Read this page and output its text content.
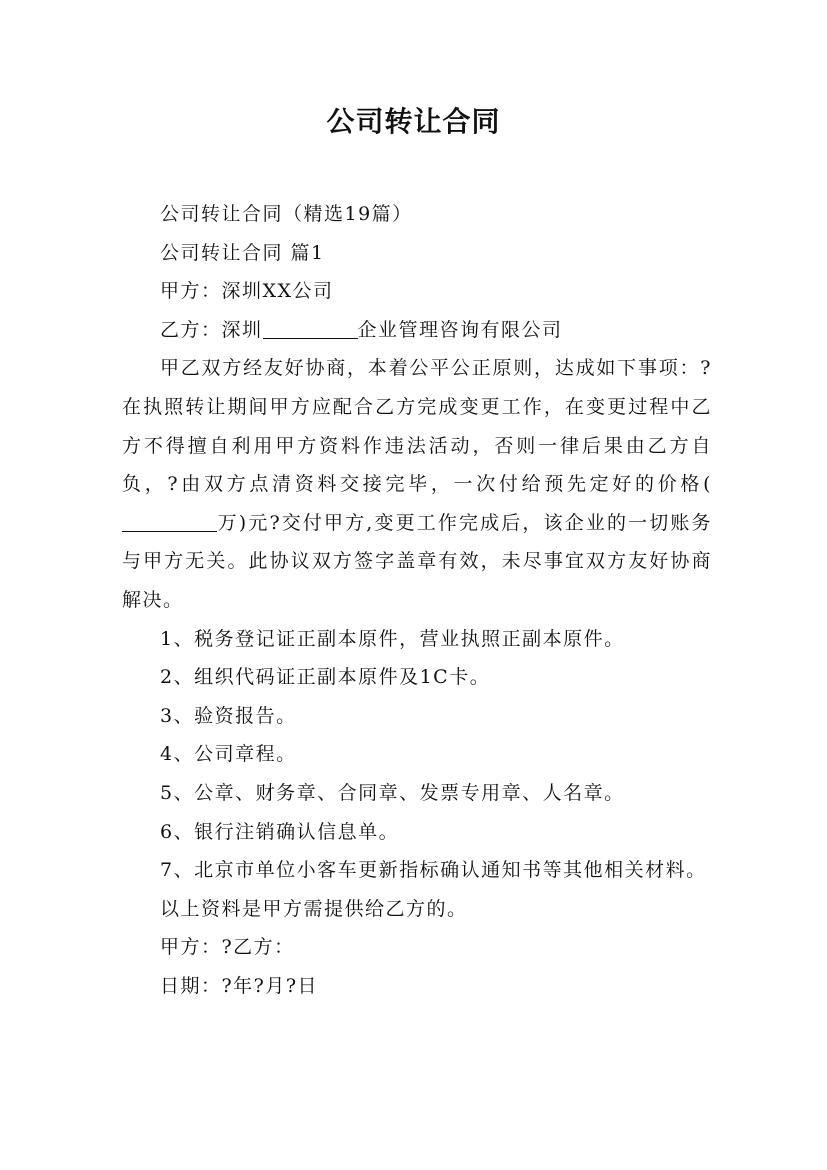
公司转让合同

公司转让合同（精选19篇）

公司转让合同 篇1

甲方：深圳XX公司

乙方：深圳	企业管理咨询有限公司

甲乙双方经友好协商，本着公平公正原则，达成如下事项：?在执照转让期间甲方应配合乙方完成变更工作，在变更过程中乙方不得擅自利用甲方资料作违法活动，否则一律后果由乙方自负，?由双方点清资料交接完毕，一次付给预先定好的价格(万)元?交付甲方,变更工作完成后，该企业的一切账务与甲方无关。此协议双方签字盖章有效，未尽事宜双方友好协商解决。

1、税务登记证正副本原件，营业执照正副本原件。

2、组织代码证正副本原件及1C卡。

3、验资报告。

4、公司章程。

5、公章、财务章、合同章、发票专用章、人名章。

6、银行注销确认信息单。

7、北京市单位小客车更新指标确认通知书等其他相关材料。

以上资料是甲方需提供给乙方的。

甲方：?乙方：

日期：?年?月?日
